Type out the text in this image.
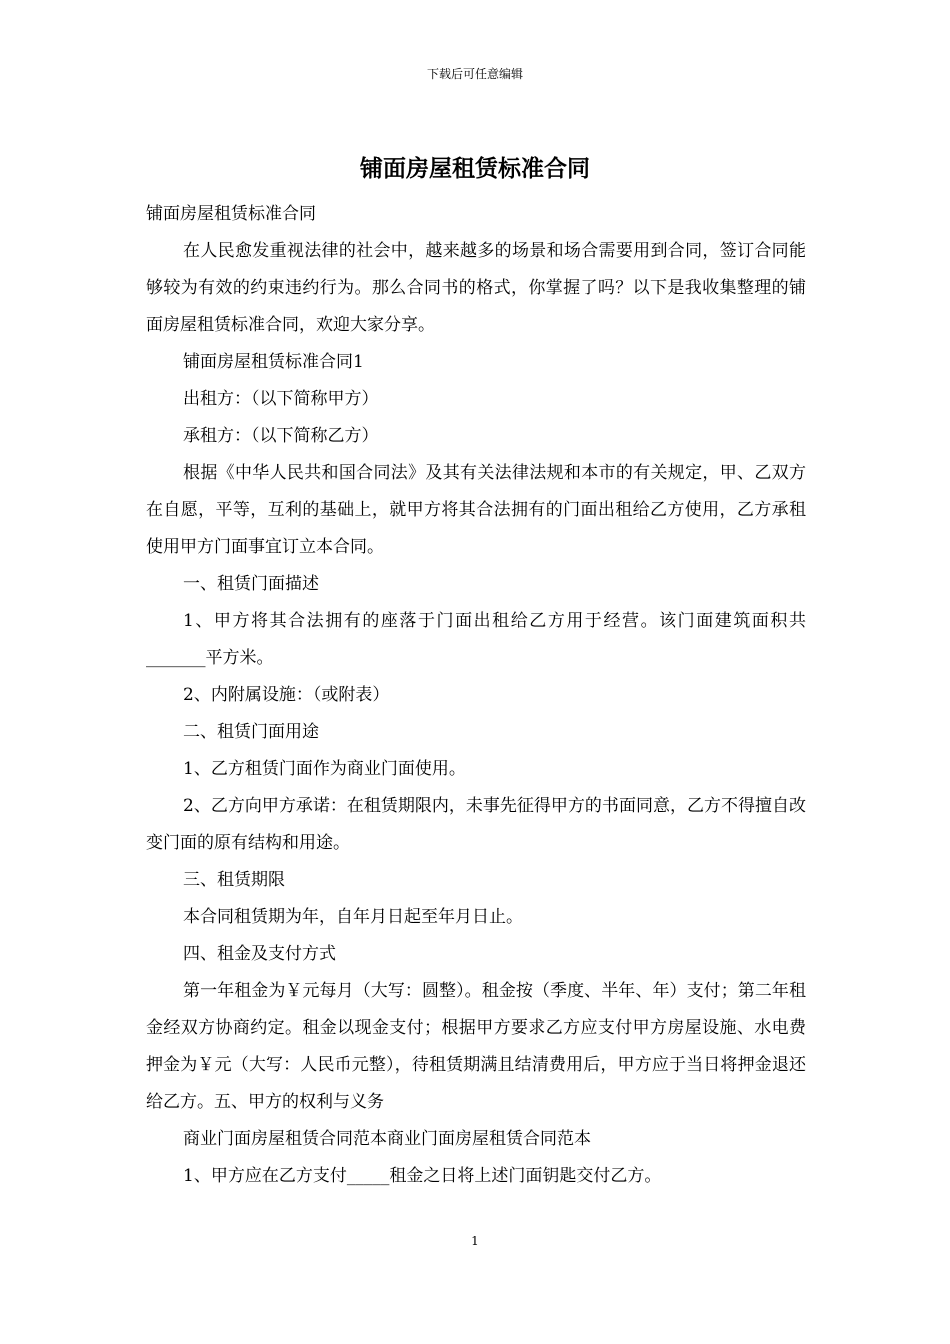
下载后可任意编辑
铺面房屋租赁标准合同

铺面房屋租赁标准合同

在人民愈发重视法律的社会中，越来越多的场景和场合需要用到合同，签订合同能够较为有效的约束违约行为。那么合同书的格式，你掌握了吗？以下是我收集整理的铺面房屋租赁标准合同，欢迎大家分享。

铺面房屋租赁标准合同1

出租方：（以下简称甲方）

承租方：（以下简称乙方）

根据《中华人民共和国合同法》及其有关法律法规和本市的有关规定，甲、乙双方在自愿，平等，互利的基础上，就甲方将其合法拥有的门面出租给乙方使用，乙方承租使用甲方门面事宜订立本合同。

一、租赁门面描述

1、甲方将其合法拥有的座落于门面出租给乙方用于经营。该门面建筑面积共_______平方米。

2、内附属设施：（或附表）

二、租赁门面用途

1、乙方租赁门面作为商业门面使用。

2、乙方向甲方承诺：在租赁期限内，未事先征得甲方的书面同意，乙方不得擅自改变门面的原有结构和用途。

三、租赁期限

本合同租赁期为年，自年月日起至年月日止。

四、租金及支付方式

第一年租金为￥元每月（大写：圆整）。租金按（季度、半年、年）支付；第二年租金经双方协商约定。租金以现金支付；根据甲方要求乙方应支付甲方房屋设施、水电费押金为￥元（大写：人民币元整），待租赁期满且结清费用后，甲方应于当日将押金退还给乙方。五、甲方的权利与义务

商业门面房屋租赁合同范本商业门面房屋租赁合同范本

1、甲方应在乙方支付_____租金之日将上述门面钥匙交付乙方。

1
